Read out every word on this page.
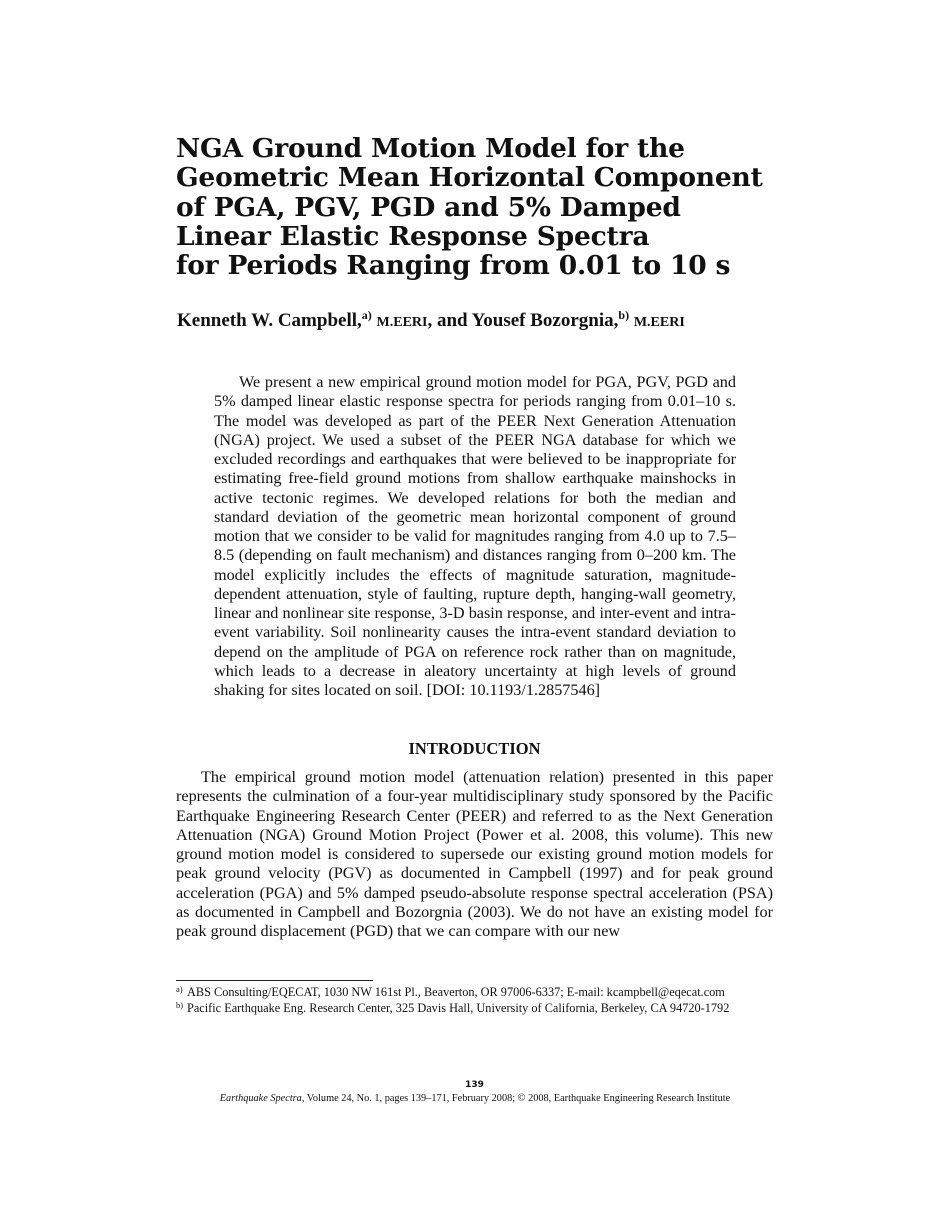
NGA Ground Motion Model for the
Geometric Mean Horizontal Component
of PGA, PGV, PGD and 5% Damped
Linear Elastic Response Spectra
for Periods Ranging from 0.01 to 10 s
Kenneth W. Campbell,$^{a)}$ M.EERI, and Yousef Bozorgnia,$^{b)}$ M.EERI

We present a new empirical ground motion model for PGA, PGV, PGD and 5% damped linear elastic response spectra for periods ranging from 0.01–10 s. The model was developed as part of the PEER Next Generation Attenuation (NGA) project. We used a subset of the PEER NGA database for which we excluded recordings and earthquakes that were believed to be inappropriate for estimating free-field ground motions from shallow earthquake mainshocks in active tectonic regimes. We developed relations for both the median and standard deviation of the geometric mean horizontal component of ground motion that we consider to be valid for magnitudes ranging from 4.0 up to 7.5–8.5 (depending on fault mechanism) and distances ranging from 0–200 km. The model explicitly includes the effects of magnitude saturation, magnitude-dependent attenuation, style of faulting, rupture depth, hanging-wall geometry, linear and nonlinear site response, 3-D basin response, and inter-event and intra-event variability. Soil nonlinearity causes the intra-event standard deviation to depend on the amplitude of PGA on reference rock rather than on magnitude, which leads to a decrease in aleatory uncertainty at high levels of ground shaking for sites located on soil. [DOI: 10.1193/1.2857546]

INTRODUCTION

The empirical ground motion model (attenuation relation) presented in this paper represents the culmination of a four-year multidisciplinary study sponsored by the Pacific Earthquake Engineering Research Center (PEER) and referred to as the Next Generation Attenuation (NGA) Ground Motion Project (Power et al. 2008, this volume). This new ground motion model is considered to supersede our existing ground motion models for peak ground velocity (PGV) as documented in Campbell (1997) and for peak ground acceleration (PGA) and 5% damped pseudo-absolute response spectral acceleration (PSA) as documented in Campbell and Bozorgnia (2003). We do not have an existing model for peak ground displacement (PGD) that we can compare with our new

a) ABS Consulting/EQECAT, 1030 NW 161st Pl., Beaverton, OR 97006-6337; E-mail: kcampbell@eqecat.com
b) Pacific Earthquake Eng. Research Center, 325 Davis Hall, University of California, Berkeley, CA 94720-1792
139
Earthquake Spectra, Volume 24, No. 1, pages 139–171, February 2008; © 2008, Earthquake Engineering Research Institute
